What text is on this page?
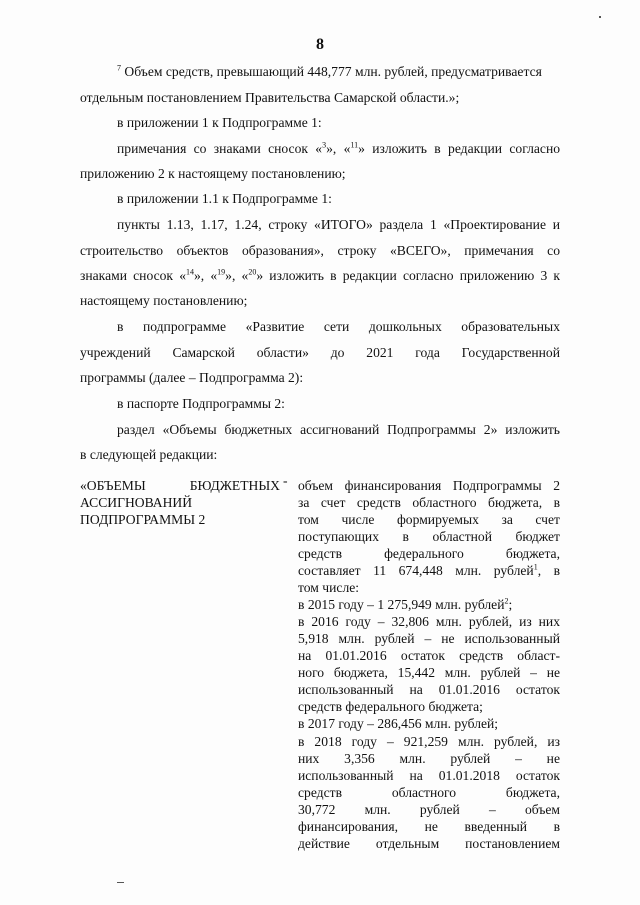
8
$^7$ Объем средств, превышающий 448,777 млн. рублей, предусматривается
отдельным постановлением Правительства Самарской области.»;
в приложении 1 к Подпрограмме 1:
примечания со знаками сносок «$^3$», «$^{11}$» изложить в редакции согласно
приложению 2 к настоящему постановлению;
в приложении 1.1 к Подпрограмме 1:
пункты 1.13, 1.17, 1.24, строку «ИТОГО» раздела 1 «Проектирование и
строительство объектов образования», строку «ВСЕГО», примечания со
знаками сносок «$^{14}$», «$^{19}$», «$^{20}$» изложить в редакции согласно приложению 3 к
настоящему постановлению;
в подпрограмме «Развитие сети дошкольных образовательных
учреждений Самарской области» до 2021 года Государственной
программы (далее – Подпрограмма 2):
в паспорте Подпрограммы 2:
раздел «Объемы бюджетных ассигнований Подпрограммы 2» изложить
в следующей редакции:
«ОБЪЕМЫ БЮДЖЕТНЫХ
АССИГНОВАНИЙ
ПОДПРОГРАММЫ 2
- объем финансирования Подпрограммы 2
за счет средств областного бюджета, в
том числе формируемых за счет
поступающих в областной бюджет
средств федерального бюджета,
составляет 11 674,448 млн. рублей$^1$, в
том числе:
в 2015 году – 1 275,949 млн. рублей$^2$;
в 2016 году – 32,806 млн. рублей, из них
5,918 млн. рублей – не использованный
на 01.01.2016 остаток средств област-
ного бюджета, 15,442 млн. рублей – не
использованный на 01.01.2016 остаток
средств федерального бюджета;
в 2017 году – 286,456 млн. рублей;
в 2018 году – 921,259 млн. рублей, из
них 3,356 млн. рублей – не
использованный на 01.01.2018 остаток
средств областного бюджета,
30,772 млн. рублей – объем
финансирования, не введенный в
действие отдельным постановлением
